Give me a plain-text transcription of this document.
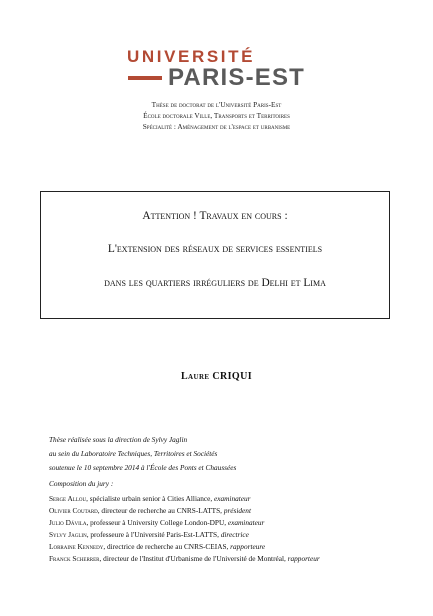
UNIVERSITÉ
PARIS-EST
Thèse de doctorat de l'Université Paris-Est
École doctorale Ville, Transports et Territoires
Spécialité : Aménagement de l'espace et urbanisme
Attention ! Travaux en cours :
L'extension des réseaux de services essentiels
dans les quartiers irréguliers de Delhi et Lima
Laure CRIQUI
Thèse réalisée sous la direction de Sylvy Jaglin
au sein du Laboratoire Techniques, Territoires et Sociétés
soutenue le 10 septembre 2014 à l'École des Ponts et Chaussées
Composition du jury :
Serge Allou, spécialiste urbain senior à Cities Alliance, examinateur
Olivier Coutard, directeur de recherche au CNRS-LATTS, président
Julio Dávila, professeur à University College London-DPU, examinateur
Sylvy Jaglin, professeure à l'Université Paris-Est-LATTS, directrice
Lorraine Kennedy, directrice de recherche au CNRS-CEIAS, rapporteure
Franck Scherrer, directeur de l'Institut d'Urbanisme de l'Université de Montréal, rapporteur
